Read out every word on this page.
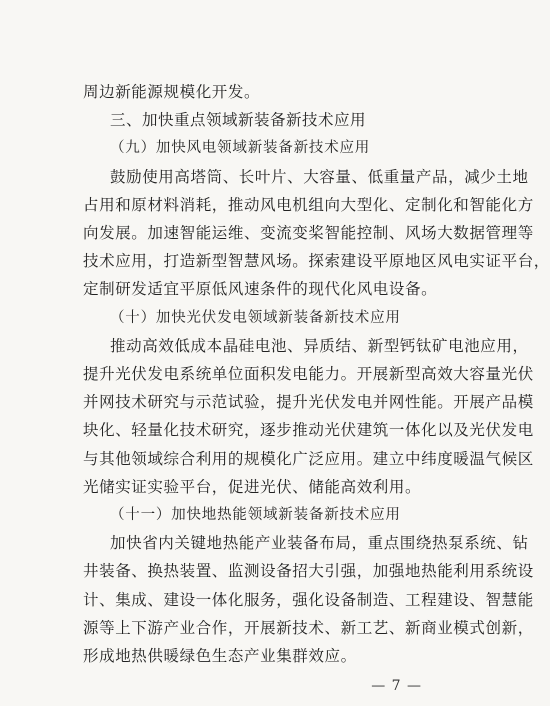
周边新能源规模化开发。
三、加快重点领域新装备新技术应用
（九）加快风电领域新装备新技术应用
鼓励使用高塔筒、长叶片、大容量、低重量产品，减少土地
占用和原材料消耗，推动风电机组向大型化、定制化和智能化方
向发展。加速智能运维、变流变桨智能控制、风场大数据管理等
技术应用，打造新型智慧风场。探索建设平原地区风电实证平台，
定制研发适宜平原低风速条件的现代化风电设备。
（十）加快光伏发电领域新装备新技术应用
推动高效低成本晶硅电池、异质结、新型钙钛矿电池应用，
提升光伏发电系统单位面积发电能力。开展新型高效大容量光伏
并网技术研究与示范试验，提升光伏发电并网性能。开展产品模
块化、轻量化技术研究，逐步推动光伏建筑一体化以及光伏发电
与其他领域综合利用的规模化广泛应用。建立中纬度暖温气候区
光储实证实验平台，促进光伏、储能高效利用。
（十一）加快地热能领域新装备新技术应用
加快省内关键地热能产业装备布局，重点围绕热泵系统、钻
井装备、换热装置、监测设备招大引强，加强地热能利用系统设
计、集成、建设一体化服务，强化设备制造、工程建设、智慧能
源等上下游产业合作，开展新技术、新工艺、新商业模式创新，
形成地热供暖绿色生态产业集群效应。
— 7 —
